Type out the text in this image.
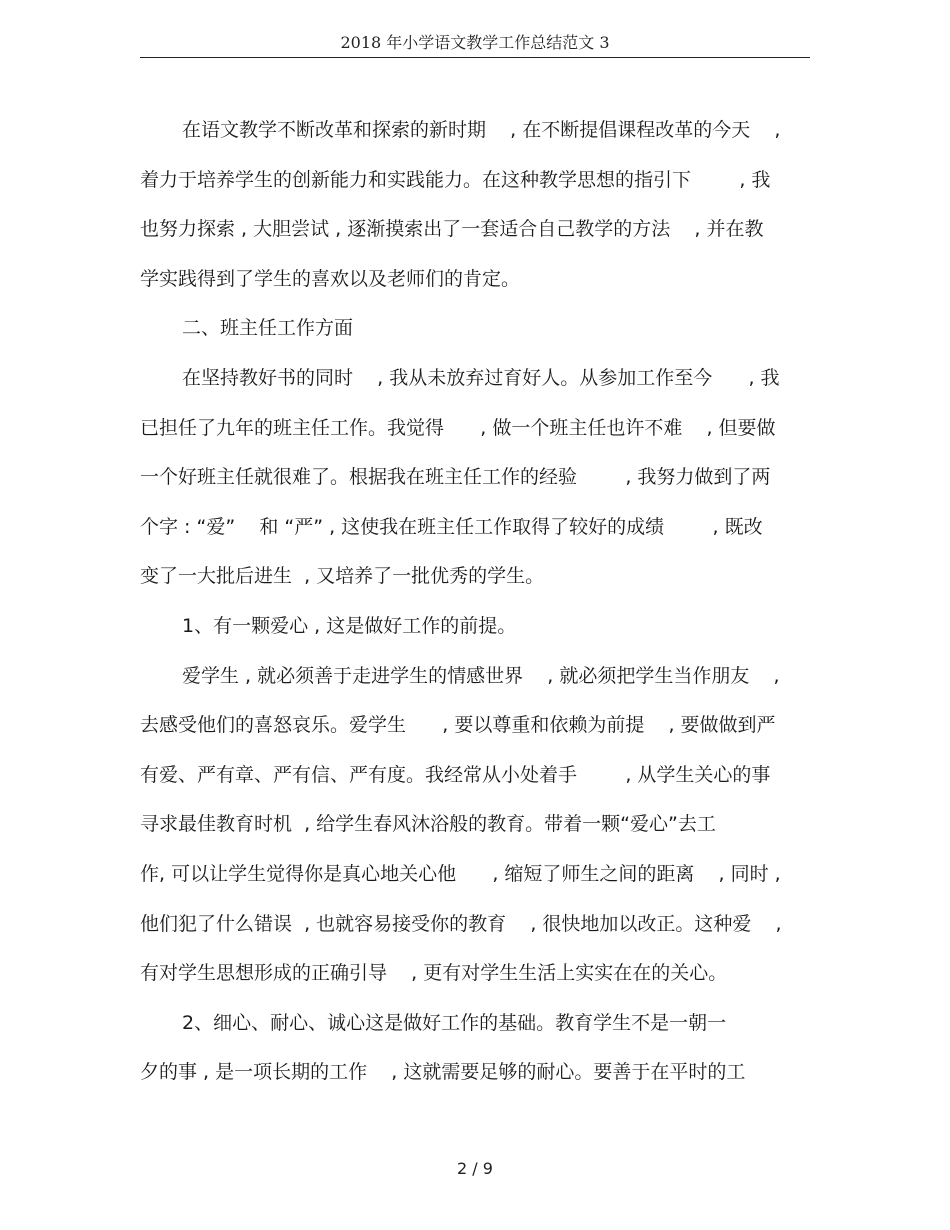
2018 年小学语文教学工作总结范文 3
在语文教学不断改革和探索的新时期    , 在不断提倡课程改革的今天    ,
着力于培养学生的创新能力和实践能力。在这种教学思想的指引下        , 我
也努力探索 , 大胆尝试 , 逐渐摸索出了一套适合自己教学的方法    , 并在教
学实践得到了学生的喜欢以及老师们的肯定。
二、班主任工作方面
在坚持教好书的同时    , 我从未放弃过育好人。从参加工作至今      , 我
已担任了九年的班主任工作。我觉得      , 做一个班主任也许不难    , 但要做
一个好班主任就很难了。根据我在班主任工作的经验        , 我努力做到了两
个字 : “爱”    和 “严” , 这使我在班主任工作取得了较好的成绩        , 既改
变了一大批后进生  , 又培养了一批优秀的学生。
1、有一颗爱心 , 这是做好工作的前提。
爱学生 , 就必须善于走进学生的情感世界    , 就必须把学生当作朋友    ,
去感受他们的喜怒哀乐。爱学生      , 要以尊重和依赖为前提    , 要做做到严
有爱、严有章、严有信、严有度。我经常从小处着手        , 从学生关心的事
寻求最佳教育时机  , 给学生春风沐浴般的教育。带着一颗“爱心”去工
作, 可以让学生觉得你是真心地关心他      , 缩短了师生之间的距离    , 同时 ,
他们犯了什么错误  , 也就容易接受你的教育    , 很快地加以改正。这种爱    ,
有对学生思想形成的正确引导    , 更有对学生生活上实实在在的关心。
2、细心、耐心、诚心这是做好工作的基础。教育学生不是一朝一
夕的事 , 是一项长期的工作    , 这就需要足够的耐心。要善于在平时的工
2 / 9
